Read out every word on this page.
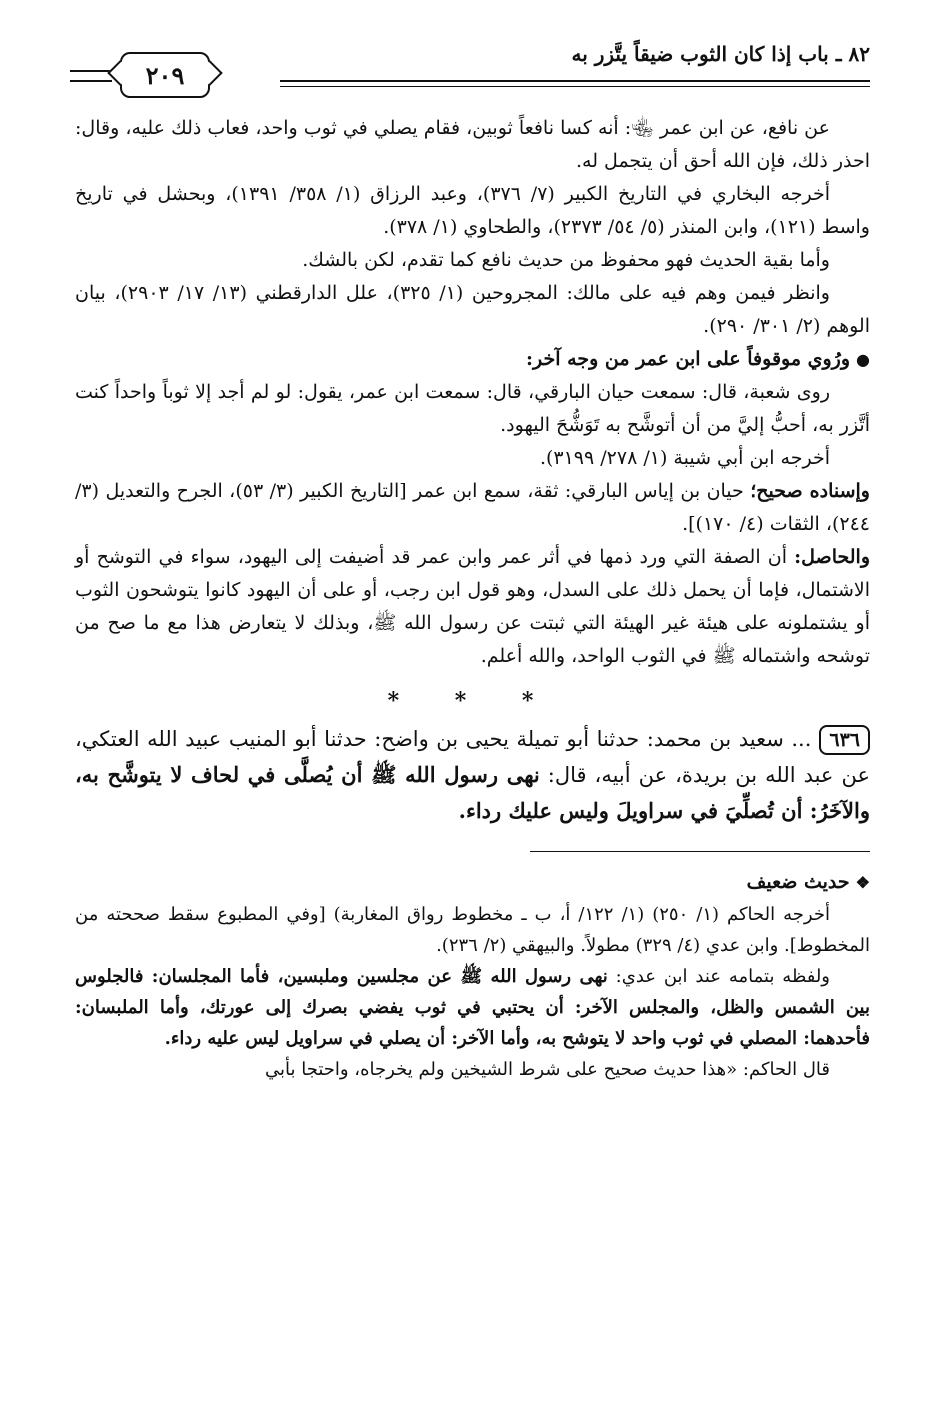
٨٢ ـ باب إذا كان الثوب ضيقاً يتَّزر به
٢٠٩

عن نافع، عن ابن عمر ﵄: أنه كسا نافعاً ثوبين، فقام يصلي في ثوب واحد، فعاب ذلك عليه، وقال: احذر ذلك، فإن الله أحق أن يتجمل له.

أخرجه البخاري في التاريخ الكبير (٧/ ٣٧٦)، وعبد الرزاق (١/ ٣٥٨/ ١٣٩١)، وبحشل في تاريخ واسط (١٢١)، وابن المنذر (٥/ ٥٤/ ٢٣٧٣)، والطحاوي (١/ ٣٧٨).

وأما بقية الحديث فهو محفوظ من حديث نافع كما تقدم، لكن بالشك.

وانظر فيمن وهم فيه على مالك: المجروحين (١/ ٣٢٥)، علل الدارقطني (١٣/ ١٧/ ٢٩٠٣)، بيان الوهم (٢/ ٣٠١/ ٢٩٠).

●ورُوي موقوفاً على ابن عمر من وجه آخر:

روى شعبة، قال: سمعت حيان البارقي، قال: سمعت ابن عمر، يقول: لو لم أجد إلا ثوباً واحداً كنت أتَّزر به، أحبُّ إليَّ من أن أتوشَّح به تَوَشُّحَ اليهود.

أخرجه ابن أبي شيبة (١/ ٢٧٨/ ٣١٩٩).

وإسناده صحيح؛ حيان بن إياس البارقي: ثقة، سمع ابن عمر [التاريخ الكبير (٣/ ٥٣)، الجرح والتعديل (٣/ ٢٤٤)، الثقات (٤/ ١٧٠)].

والحاصل: أن الصفة التي ورد ذمها في أثر عمر وابن عمر قد أضيفت إلى اليهود، سواء في التوشح أو الاشتمال، فإما أن يحمل ذلك على السدل، وهو قول ابن رجب، أو على أن اليهود كانوا يتوشحون الثوب أو يشتملونه على هيئة غير الهيئة التي ثبتت عن رسول الله ﷺ، وبذلك لا يتعارض هذا مع ما صح من توشحه واشتماله ﷺ في الثوب الواحد، والله أعلم.

* * *

٦٣٦... سعيد بن محمد: حدثنا أبو تميلة يحيى بن واضح: حدثنا أبو المنيب عبيد الله العتكي، عن عبد الله بن بريدة، عن أبيه، قال: نهى رسول الله ﷺ أن يُصلَّى في لحاف لا يتوشَّح به، والآخَرُ: أن تُصلِّيَ في سراويلَ وليس عليك رداء.

❖حديث ضعيف

أخرجه الحاكم (١/ ٢٥٠) (١/ ١٢٢/ أ، ب ـ مخطوط رواق المغاربة) [وفي المطبوع سقط صححته من المخطوط]. وابن عدي (٤/ ٣٢٩) مطولاً. والبيهقي (٢/ ٢٣٦).

ولفظه بتمامه عند ابن عدي: نهى رسول الله ﷺ عن مجلسين وملبسين، فأما المجلسان: فالجلوس بين الشمس والظل، والمجلس الآخر: أن يحتبي في ثوب يفضي بصرك إلى عورتك، وأما الملبسان: فأحدهما: المصلي في ثوب واحد لا يتوشح به، وأما الآخر: أن يصلي في سراويل ليس عليه رداء.

قال الحاكم: «هذا حديث صحيح على شرط الشيخين ولم يخرجاه، واحتجا بأبي
